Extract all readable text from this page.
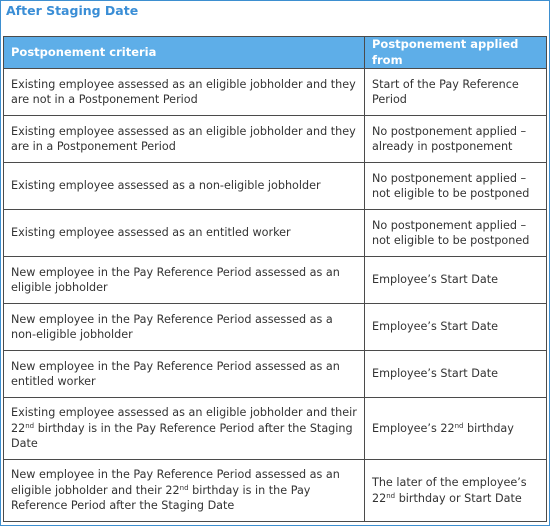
After Staging Date
Postponement criteria	Postponement applied from
Existing employee assessed as an eligible jobholder and they are not in a Postponement Period	Start of the Pay Reference Period
Existing employee assessed as an eligible jobholder and they are in a Postponement Period	No postponement applied – already in postponement
Existing employee assessed as a non-eligible jobholder	No postponement applied – not eligible to be postponed
Existing employee assessed as an entitled worker	No postponement applied – not eligible to be postponed
New employee in the Pay Reference Period assessed as an eligible jobholder	Employee’s Start Date
New employee in the Pay Reference Period assessed as a non-eligible jobholder	Employee’s Start Date
New employee in the Pay Reference Period assessed as an entitled worker	Employee’s Start Date
Existing employee assessed as an eligible jobholder and their 22nd birthday is in the Pay Reference Period after the Staging Date	Employee’s 22nd birthday
New employee in the Pay Reference Period assessed as an eligible jobholder and their 22nd birthday is in the Pay Reference Period after the Staging Date	The later of the employee’s 22nd birthday or Start Date
